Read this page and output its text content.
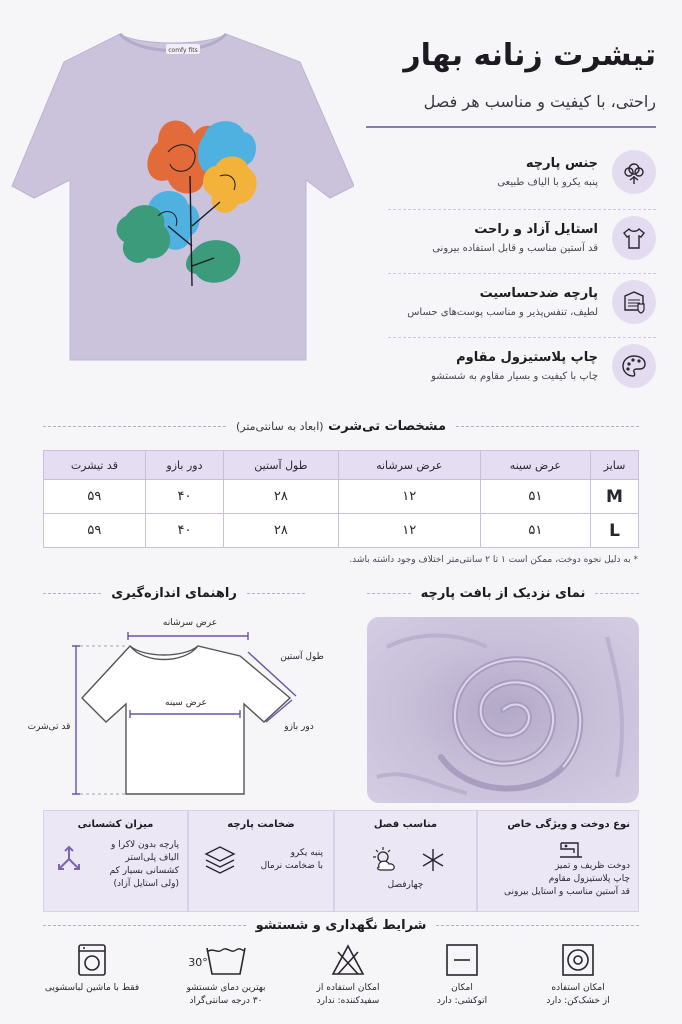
comfy fits	تیشرت زنانه بهار
راحتی، با کیفیت و مناسب هر فصل
جنس پارچه
پنبه یکرو با الیاف طبیعی
استایل آزاد و راحت
قد آستین مناسب و قابل استفاده بیرونی
پارچه ضدحساسیت
لطیف، تنفس‌پذیر و مناسب پوست‌های حساس
چاپ پلاستیزول مقاوم
چاپ با کیفیت و بسیار مقاوم به شستشو
مشخصات تی‌شرت (ابعاد به سانتی‌متر)
سایز	عرض سینه	عرض سرشانه	طول آستین	دور بازو	قد تیشرت
M	۵۱	۱۲	۲۸	۴۰	۵۹
L	۵۱	۱۲	۲۸	۴۰	۵۹
* به دلیل نحوه دوخت، ممکن است ۱ تا ۲ سانتی‌متر اختلاف وجود داشته باشد.
راهنمای اندازه‌گیری	نمای نزدیک از بافت پارچه
عرض سرشانه
طول آستین
عرض سینه
دور بازو
قد تی‌شرت
نوع دوخت و ویژگی خاص
دوخت ظریف و تمیز
چاپ پلاستیزول مقاوم
قد آستین مناسب و استایل بیرونی
مناسب فصل
چهارفصل
ضخامت پارچه
پنبه یکرو
با ضخامت نرمال
میزان کشسانی
پارچه بدون لاکرا و
الیاف پلی‌استر
کشسانی بسیار کم
(ولی استایل آزاد)
شرایط نگهداری و شستشو
امکان استفاده
از خشک‌کن: دارد
امکان
اتوکشی: دارد
امکان استفاده از
سفیدکننده: ندارد
30°
بهترین دمای شستشو
۳۰ درجه سانتی‌گراد
فقط با ماشین لباسشویی
